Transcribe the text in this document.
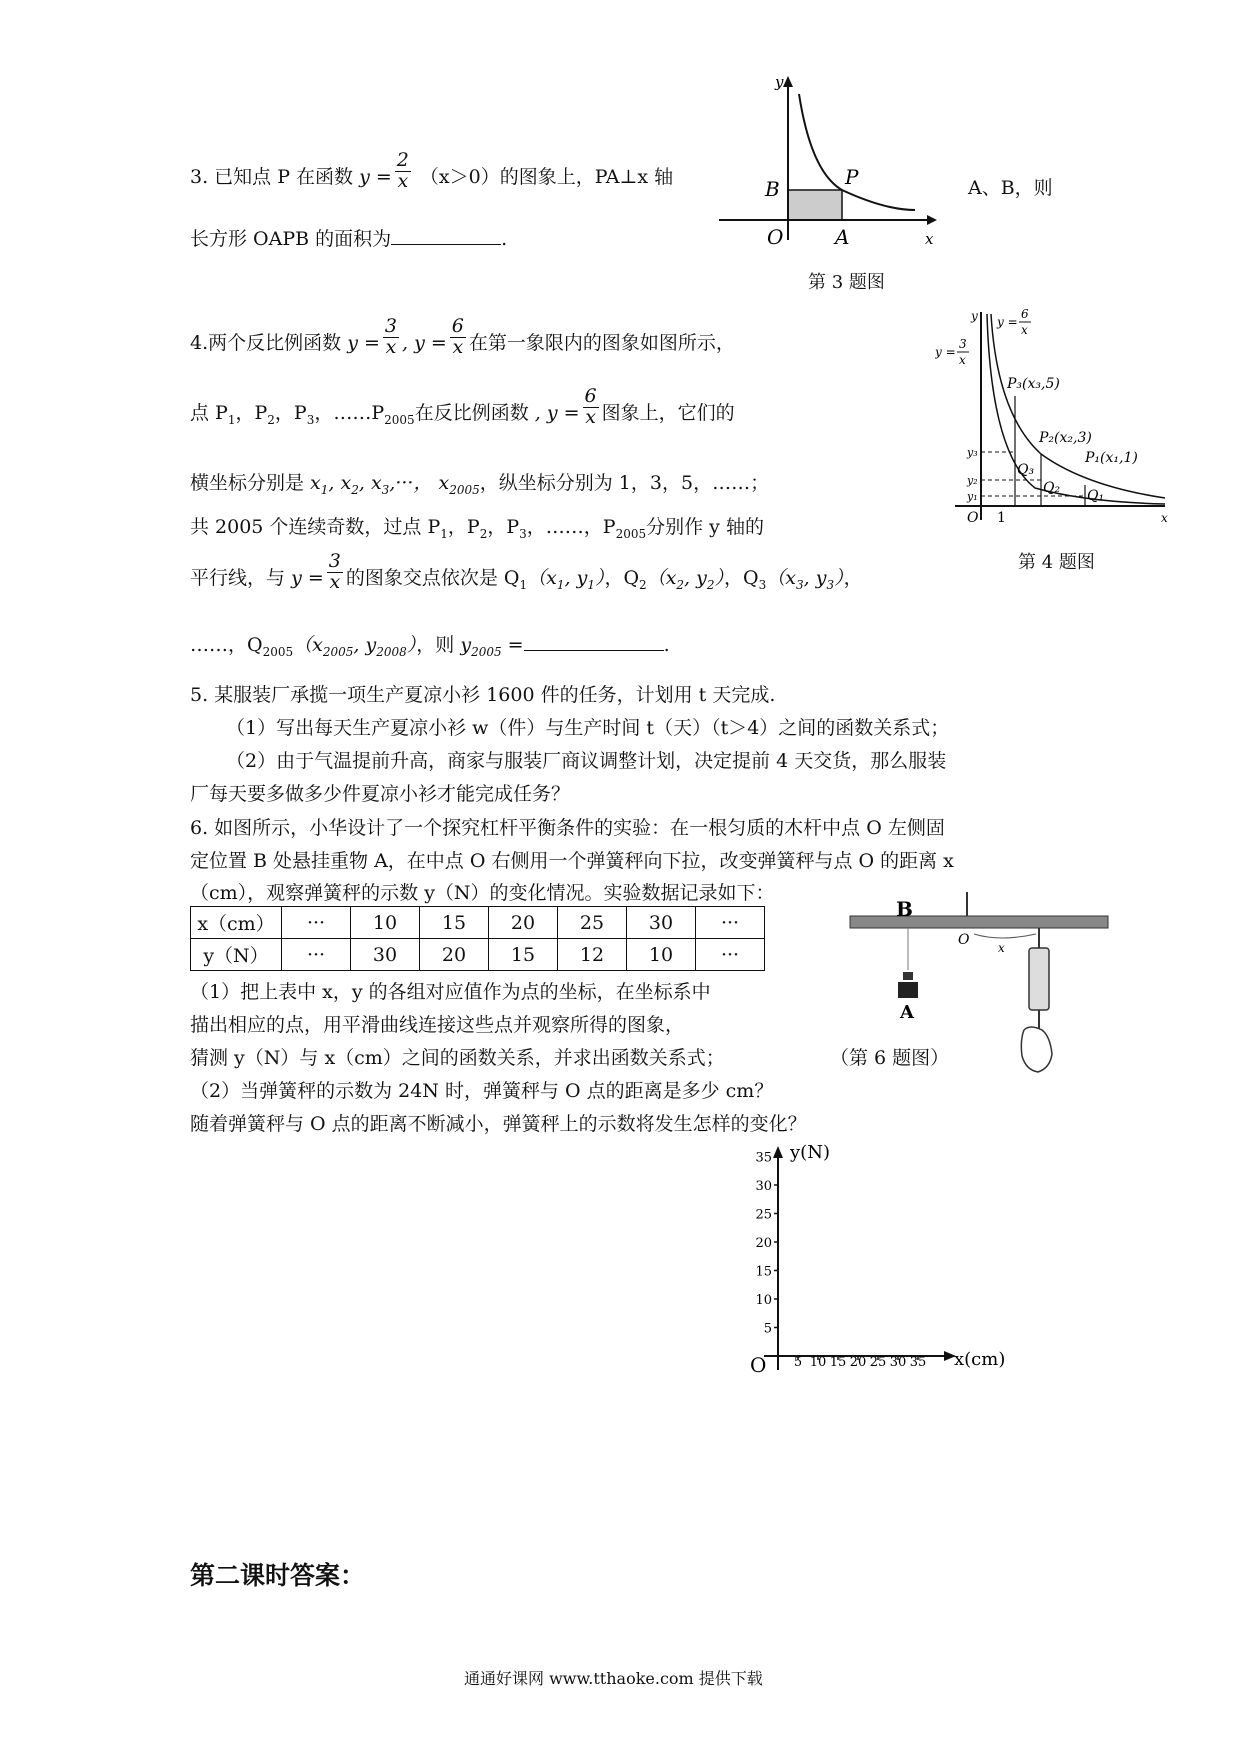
3. 已知点 P 在函数 $y = \frac{2}{x} (x>0)$的图象上，PA⊥x 轴	A、B，则
长方形 OAPB 的面积为	.
y
B	P
O	A	x
第 3 题图
4.两个反比例函数 $y = \frac{3}{x}$ , $y = \frac{6}{x}$ 在第一象限内的图象如图所示，
点 $P_1$，$P_2$，$P_3$，$\dots\dots P_{2005}$在反比例函数 , $y = \frac{6}{x}$ 图象上，它们的
横坐标分别是 $x_1$, $x_2$, $x_3,\cdot\cdot\cdot$， $x_{2005}$，纵坐标分别为 1，3，5，……；
共 2005 个连续奇数，过点 $P_1$，$P_2$，$P_3$，……，$P_{2005}$分别作 y 轴的
平行线，与 $y = \frac{3}{x}$ 的图象交点依次是 $Q_1(x_1$, $y_1$），$Q_2(x_2$, $y_2$），$Q_3(x_3$, $y_3$），
……，$Q_{2005}(x_{2005}$, $y_{2008}$），则 $y_{2005}$ =	.
y y =
6
x
y =
3
x
P₃(x₃,5)
P₂(x₂,3)
P₁(x₁,1)
Q₃
Q₂ Q₁
y₃
y₂
y₁
O 1	x
第 4 题图
5. 某服装厂承揽一项生产夏凉小衫 1600 件的任务，计划用 t 天完成.
（1）写出每天生产夏凉小衫 w（件）与生产时间 t（天）（t＞4）之间的函数关系式；
（2）由于气温提前升高，商家与服装厂商议调整计划，决定提前 4 天交货，那么服装
厂每天要多做多少件夏凉小衫才能完成任务？
6. 如图所示，小华设计了一个探究杠杆平衡条件的实验：在一根匀质的木杆中点 O 左侧固
定位置 B 处悬挂重物 A，在中点 O 右侧用一个弹簧秤向下拉，改变弹簧秤与点 O 的距离 x
（cm），观察弹簧秤的示数 y（N）的变化情况。实验数据记录如下：
x（cm）	···	10	15	20	25	30	···
y（N）	···	30	20	15	12	10	···
（1）把上表中 x，y 的各组对应值作为点的坐标，在坐标系中
描出相应的点，用平滑曲线连接这些点并观察所得的图象，
猜测 y（N）与 x（cm）之间的函数关系，并求出函数关系式；	（第 6 题图）
（2）当弹簧秤的示数为 24N 时，弹簧秤与 O 点的距离是多少 cm？
随着弹簧秤与 O 点的距离不断减小，弹簧秤上的示数将发生怎样的变化？
B
A
O x
5
10
15
20
25
30
35
5 10 15 20 25 30 35
y(N)
x(cm)
O
第二课时答案：
通通好课网 www.tthaoke.com 提供下载
